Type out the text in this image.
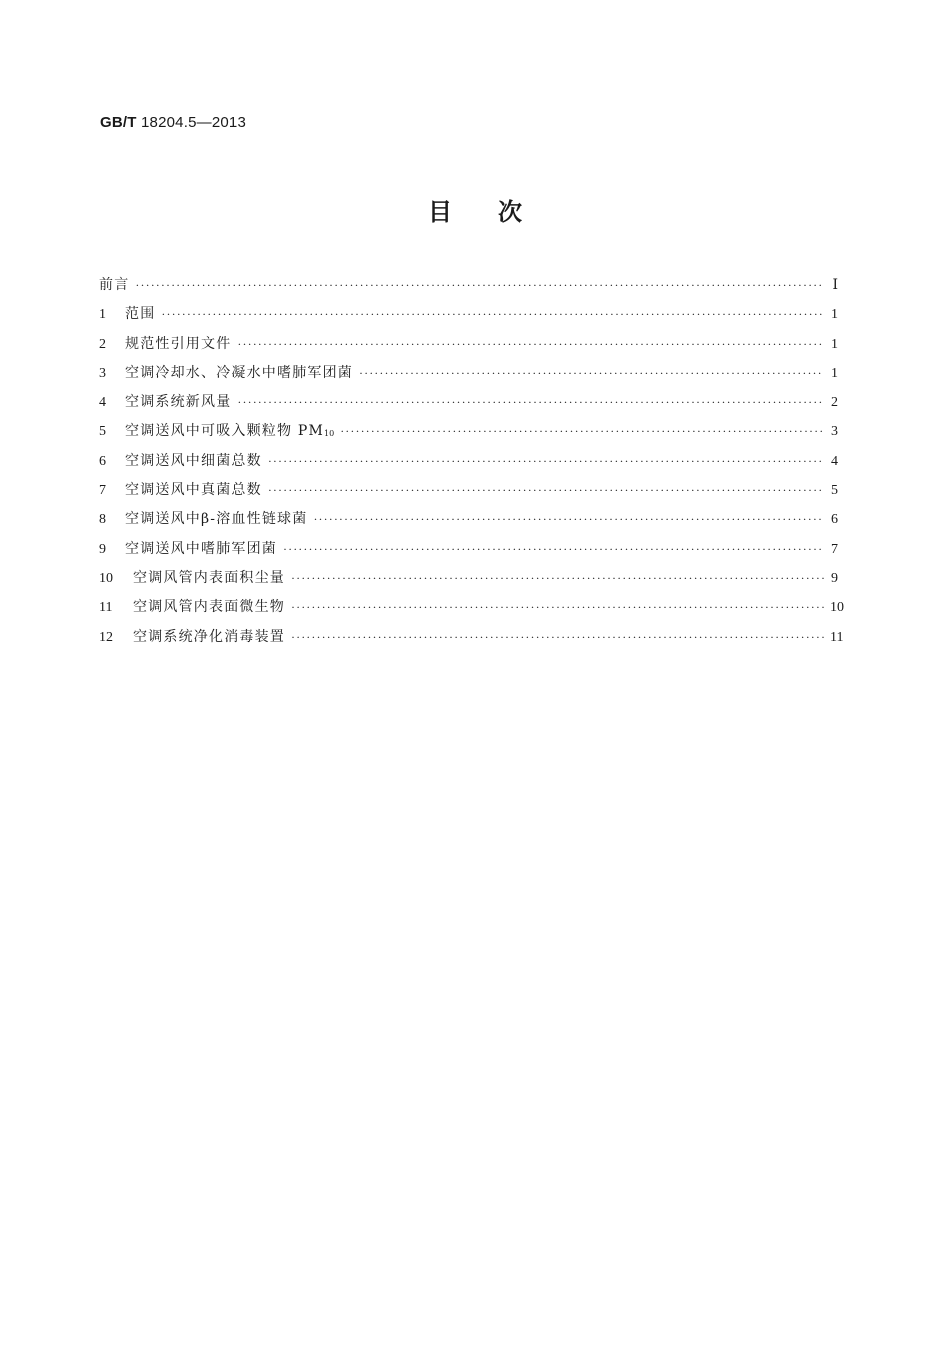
GB/T 18204.5—2013
目次
前言 ·····	Ⅰ
1	范围 ·····	1
2	规范性引用文件 ·····	1
3	空调冷却水、冷凝水中嗜肺军团菌 ·····	1
4	空调系统新风量 ·····	2
5	空调送风中可吸入颗粒物 $PM_{10}$ ·····	3
6	空调送风中细菌总数 ·····	4
7	空调送风中真菌总数 ·····	5
8	空调送风中β-溶血性链球菌 ·····	6
9	空调送风中嗜肺军团菌 ·····	7
10	空调风管内表面积尘量 ·····	9
11	空调风管内表面微生物 ·····	10
12	空调系统净化消毒装置 ·····	11
